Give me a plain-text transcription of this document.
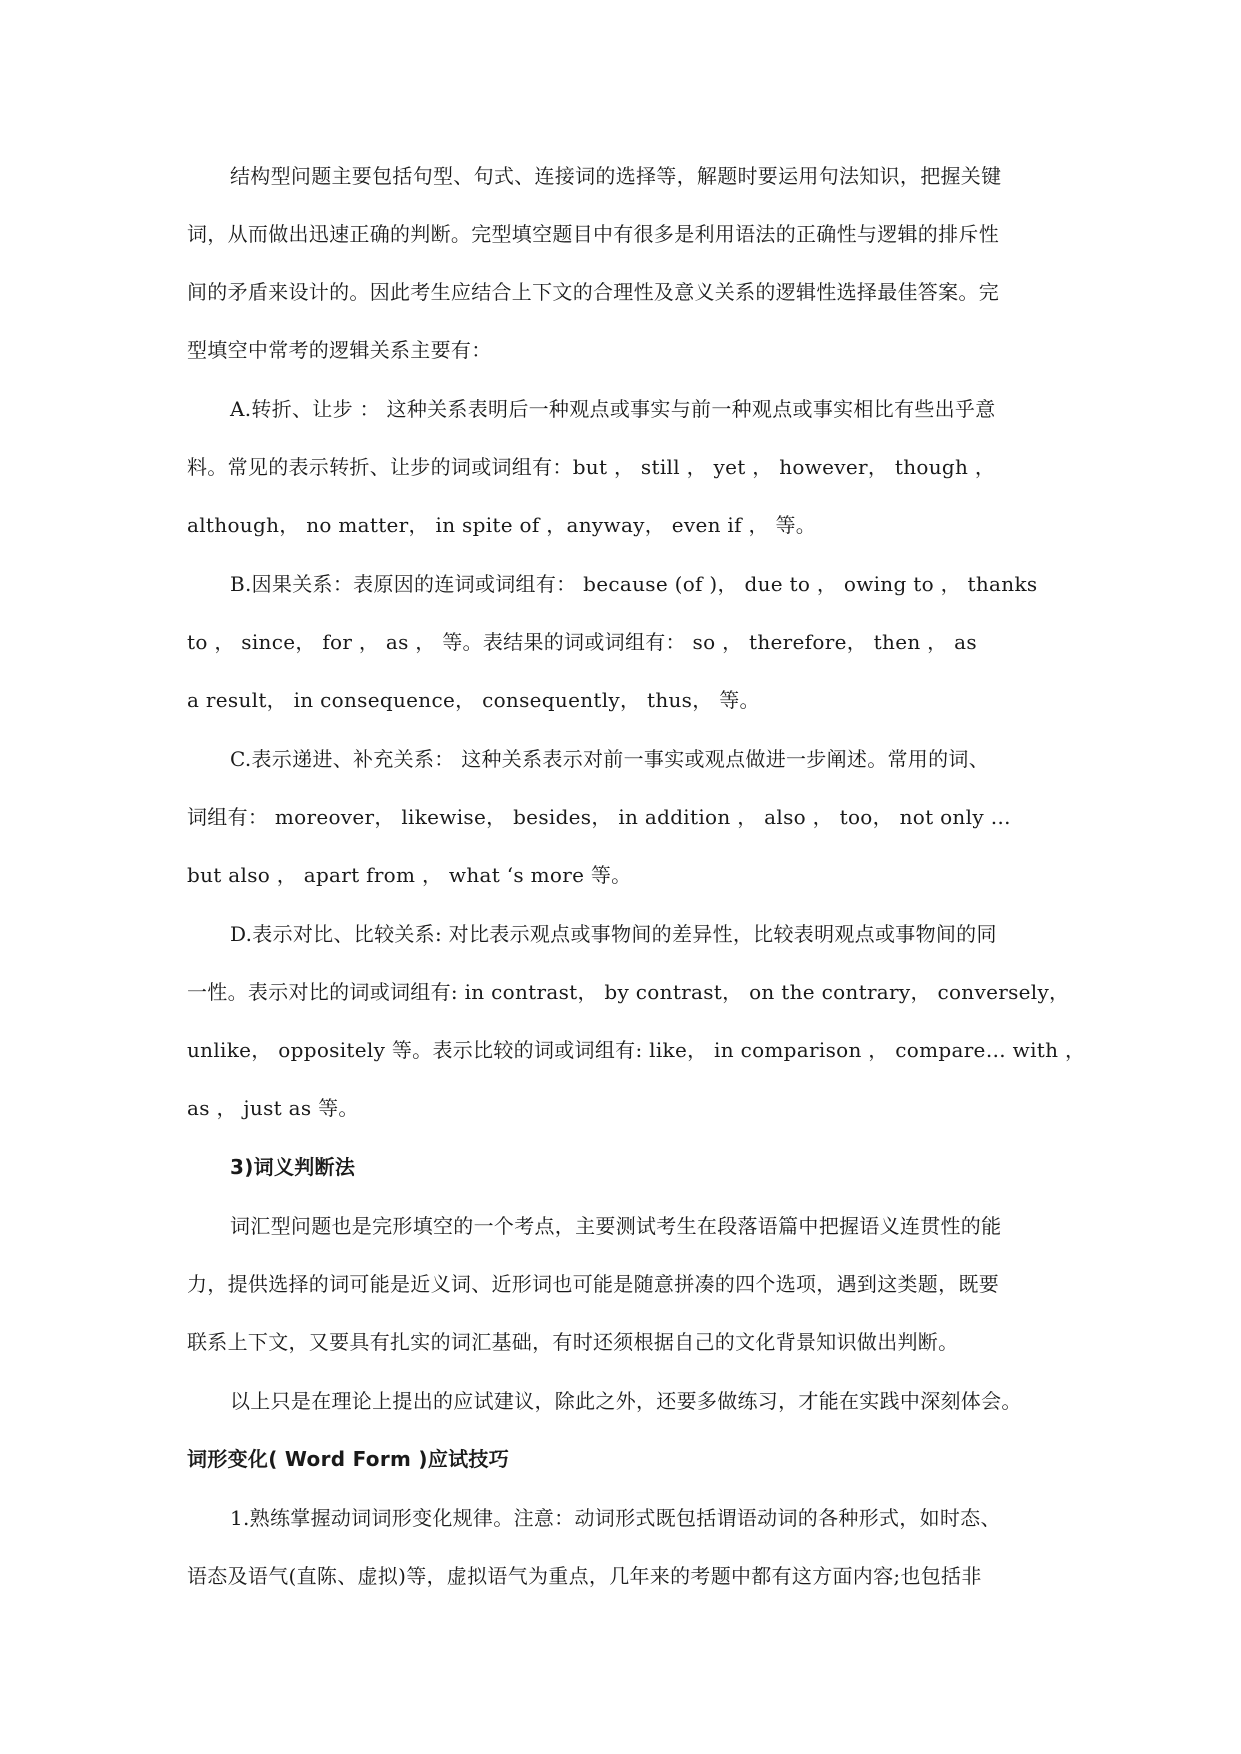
结构型问题主要包括句型、句式、连接词的选择等，解题时要运用句法知识，把握关键
词，从而做出迅速正确的判断。完型填空题目中有很多是利用语法的正确性与逻辑的排斥性
间的矛盾来设计的。因此考生应结合上下文的合理性及意义关系的逻辑性选择最佳答案。完
型填空中常考的逻辑关系主要有：
A.转折、让步 ： 这种关系表明后一种观点或事实与前一种观点或事实相比有些出乎意
料。常见的表示转折、让步的词或词组有：but ， still ， yet ， however， though ，
although， no matter， in spite of ，anyway， even if ， 等。
B.因果关系：表原因的连词或词组有： because (of )， due to ， owing to ， thanks
to ， since， for ， as ， 等。表结果的词或词组有： so ， therefore， then ， as
a result， in consequence， consequently， thus， 等。
C.表示递进、补充关系： 这种关系表示对前一事实或观点做进一步阐述。常用的词、
词组有： moreover， likewise， besides， in addition ， also ， too， not only …
but also ， apart from ， what ‘s more 等。
D.表示对比、比较关系: 对比表示观点或事物间的差异性，比较表明观点或事物间的同
一性。表示对比的词或词组有: in contrast， by contrast， on the contrary， conversely，
unlike， oppositely 等。表示比较的词或词组有: like， in comparison ， compare… with ，
as ， just as 等。
3)词义判断法
词汇型问题也是完形填空的一个考点，主要测试考生在段落语篇中把握语义连贯性的能
力，提供选择的词可能是近义词、近形词也可能是随意拼凑的四个选项，遇到这类题，既要
联系上下文，又要具有扎实的词汇基础，有时还须根据自己的文化背景知识做出判断。
以上只是在理论上提出的应试建议，除此之外，还要多做练习，才能在实践中深刻体会。
词形变化( Word Form )应试技巧
1.熟练掌握动词词形变化规律。注意：动词形式既包括谓语动词的各种形式，如时态、
语态及语气(直陈、虚拟)等，虚拟语气为重点，几年来的考题中都有这方面内容;也包括非
